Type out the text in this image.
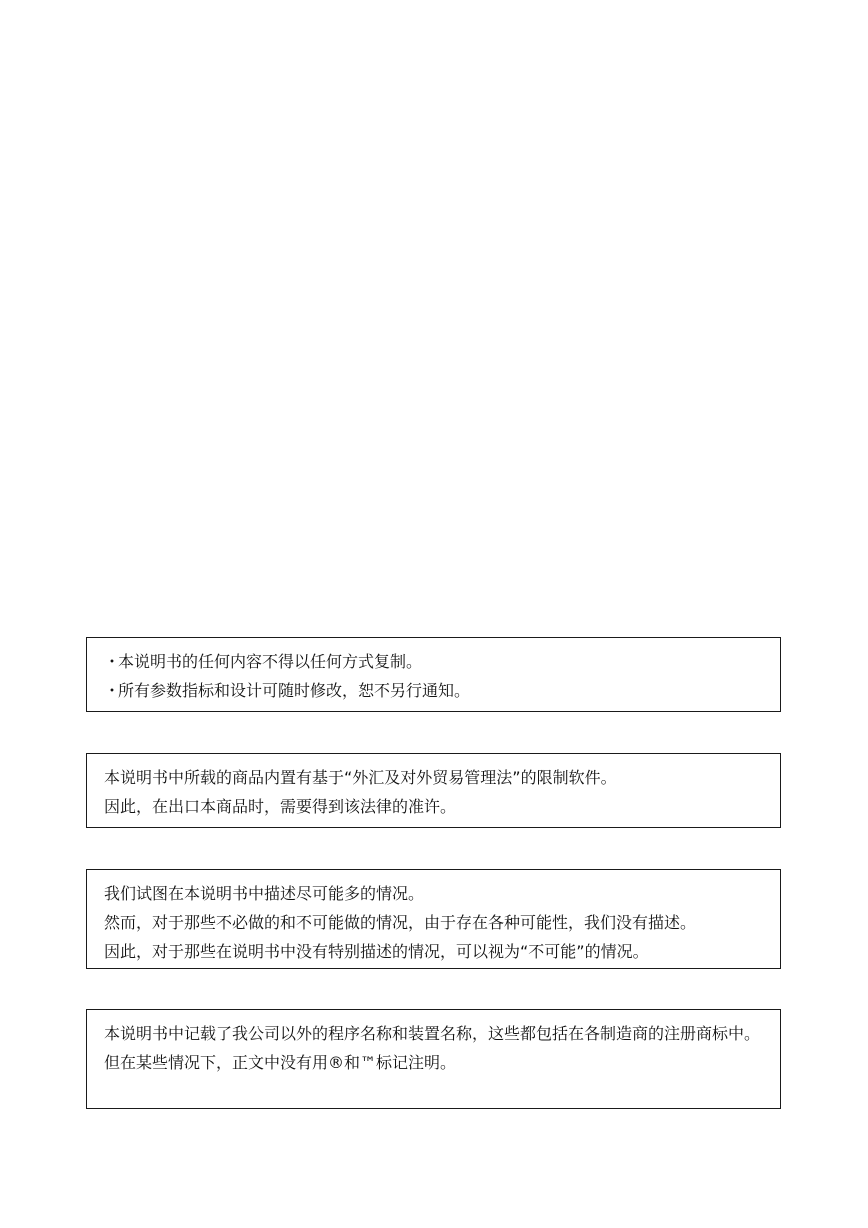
・本说明书的任何内容不得以任何方式复制。
・所有参数指标和设计可随时修改，恕不另行通知。
本说明书中所载的商品内置有基于“外汇及对外贸易管理法”的限制软件。
因此，在出口本商品时，需要得到该法律的准许。
我们试图在本说明书中描述尽可能多的情况。
然而，对于那些不必做的和不可能做的情况，由于存在各种可能性，我们没有描述。
因此，对于那些在说明书中没有特别描述的情况，可以视为“不可能”的情况。
本说明书中记载了我公司以外的程序名称和装置名称，这些都包括在各制造商的注册商标中。
但在某些情况下，正文中没有用®和™标记注明。
